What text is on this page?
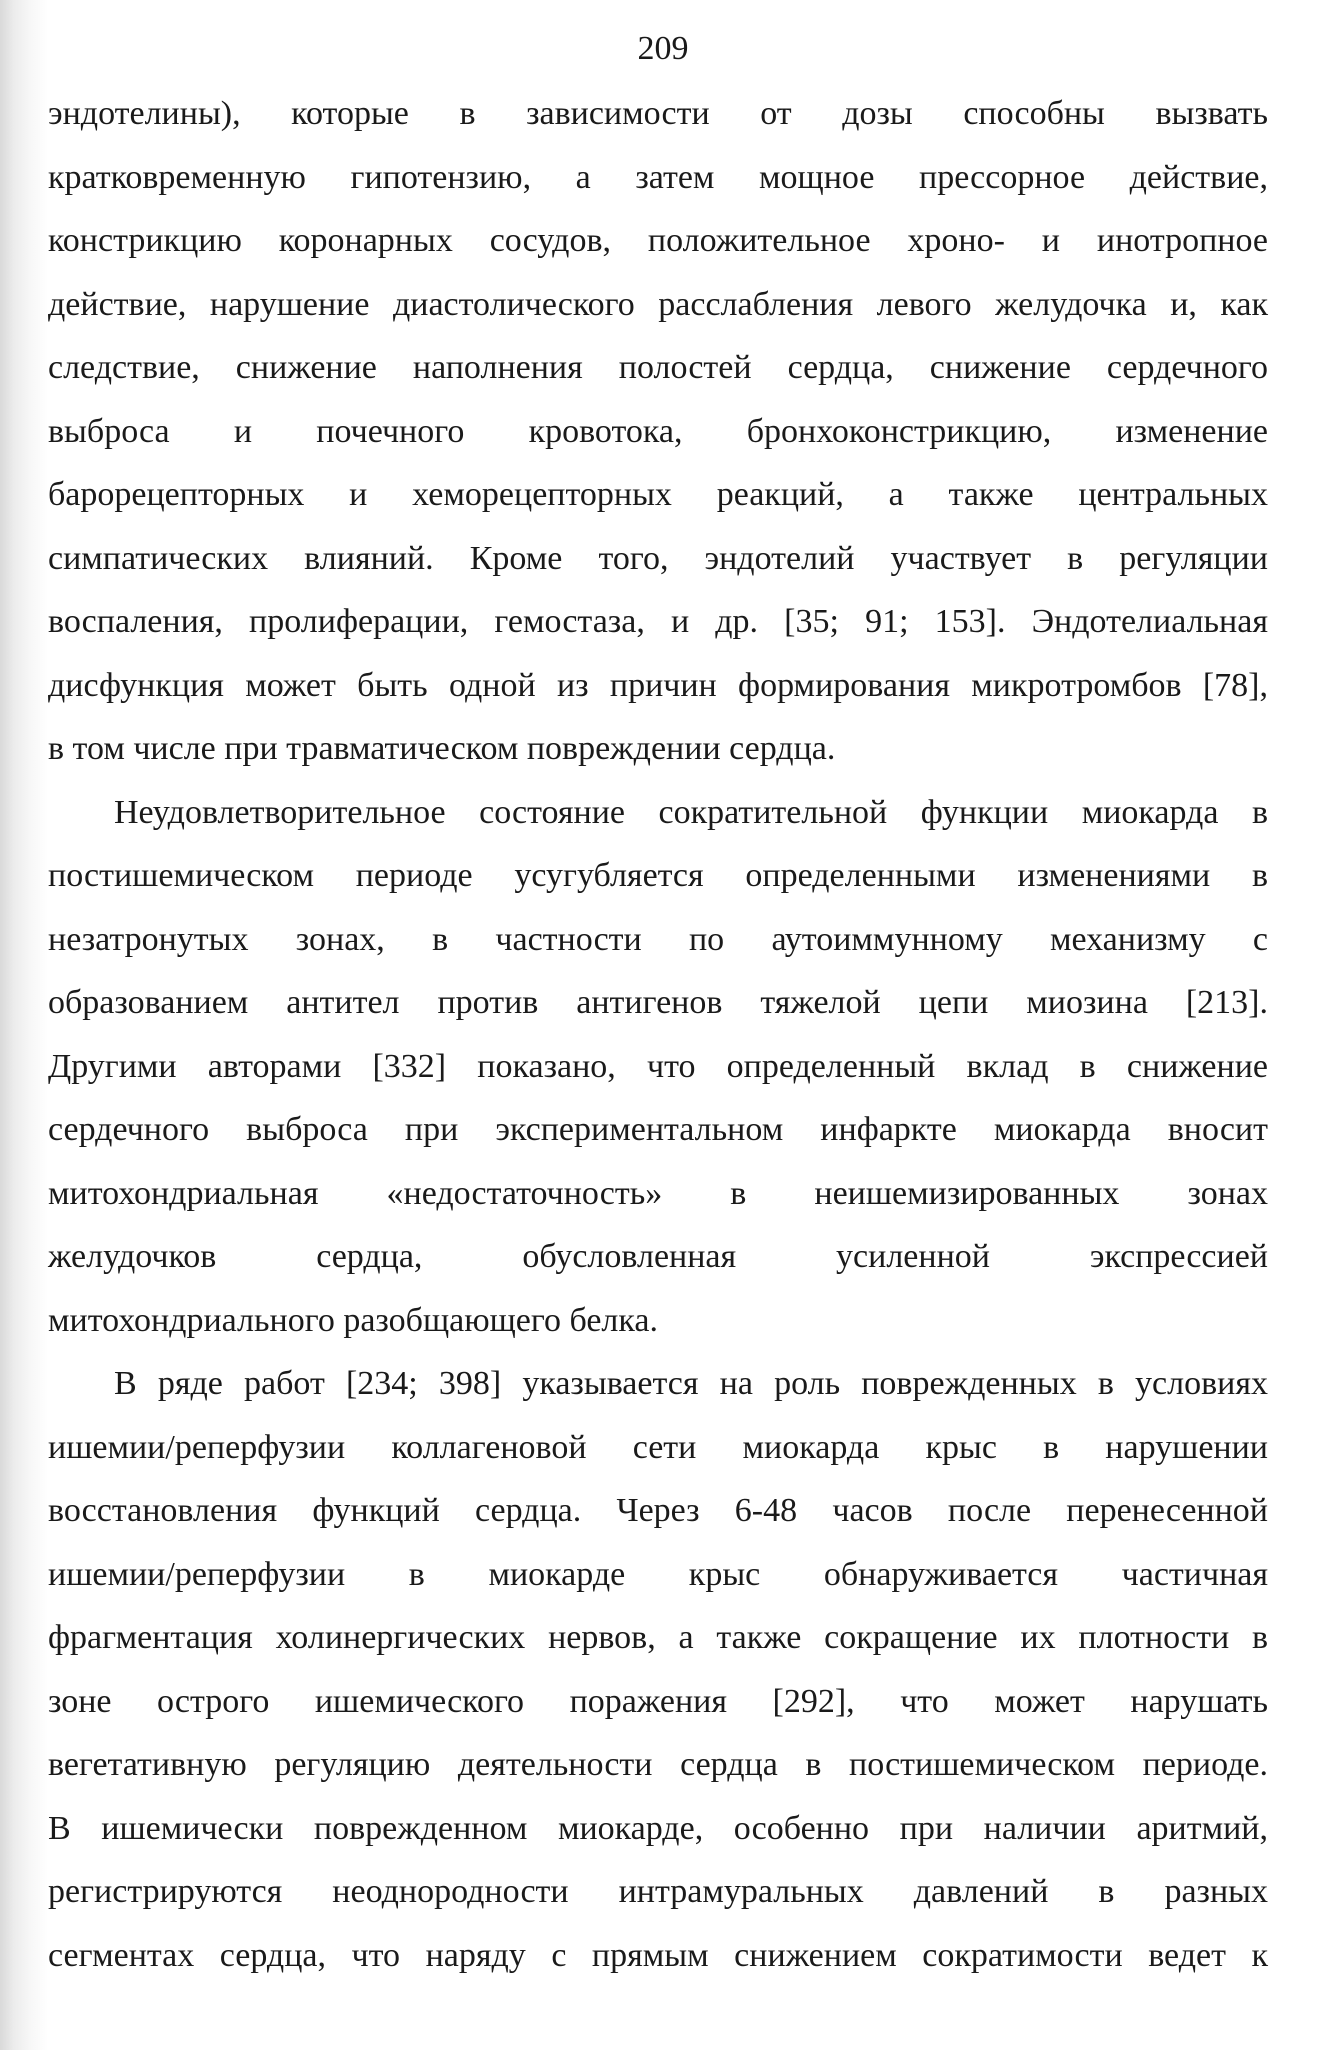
209
эндотелины), которые в зависимости от дозы способны вызвать
кратковременную гипотензию, а затем мощное прессорное действие,
констрикцию коронарных сосудов, положительное хроно- и инотропное
действие, нарушение диастолического расслабления левого желудочка и, как
следствие, снижение наполнения полостей сердца, снижение сердечного
выброса и почечного кровотока, бронхоконстрикцию, изменение
барорецепторных и хеморецепторных реакций, а также центральных
симпатических влияний. Кроме того, эндотелий участвует в регуляции
воспаления, пролиферации, гемостаза, и др. [35; 91; 153]. Эндотелиальная
дисфункция может быть одной из причин формирования микротромбов [78],
в том числе при травматическом повреждении сердца.
Неудовлетворительное состояние сократительной функции миокарда в
постишемическом периоде усугубляется определенными изменениями в
незатронутых зонах, в частности по аутоиммунному механизму с
образованием антител против антигенов тяжелой цепи миозина [213].
Другими авторами [332] показано, что определенный вклад в снижение
сердечного выброса при экспериментальном инфаркте миокарда вносит
митохондриальная «недостаточность» в неишемизированных зонах
желудочков сердца, обусловленная усиленной экспрессией
митохондриального разобщающего белка.
В ряде работ [234; 398] указывается на роль поврежденных в условиях
ишемии/реперфузии коллагеновой сети миокарда крыс в нарушении
восстановления функций сердца. Через 6-48 часов после перенесенной
ишемии/реперфузии в миокарде крыс обнаруживается частичная
фрагментация холинергических нервов, а также сокращение их плотности в
зоне острого ишемического поражения [292], что может нарушать
вегетативную регуляцию деятельности сердца в постишемическом периоде.
В ишемически поврежденном миокарде, особенно при наличии аритмий,
регистрируются неоднородности интрамуральных давлений в разных
сегментах сердца, что наряду с прямым снижением сократимости ведет к
